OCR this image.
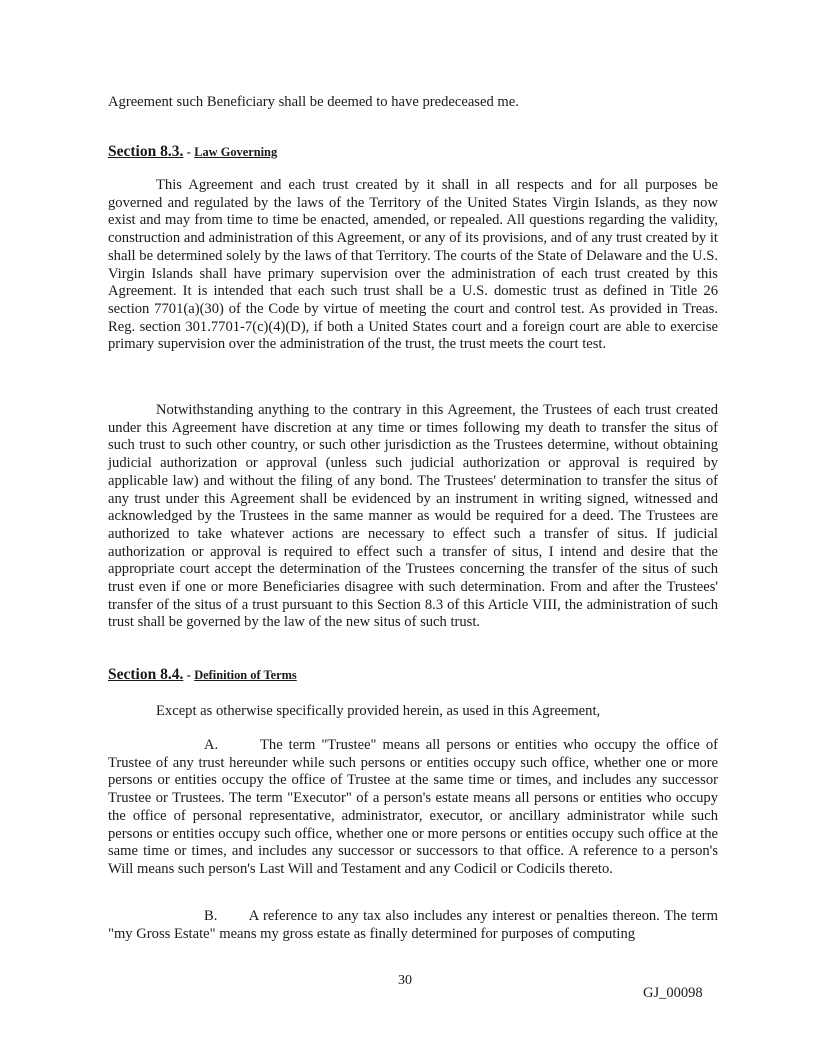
Agreement such Beneficiary shall be deemed to have predeceased me.
Section 8.3. - Law Governing

This Agreement and each trust created by it shall in all respects and for all purposes be governed and regulated by the laws of the Territory of the United States Virgin Islands, as they now exist and may from time to time be enacted, amended, or repealed. All questions regarding the validity, construction and administration of this Agreement, or any of its provisions, and of any trust created by it shall be determined solely by the laws of that Territory. The courts of the State of Delaware and the U.S. Virgin Islands shall have primary supervision over the administration of each trust created by this Agreement. It is intended that each such trust shall be a U.S. domestic trust as defined in Title 26 section 7701(a)(30) of the Code by virtue of meeting the court and control test. As provided in Treas. Reg. section 301.7701-7(c)(4)(D), if both a United States court and a foreign court are able to exercise primary supervision over the administration of the trust, the trust meets the court test.

Notwithstanding anything to the contrary in this Agreement, the Trustees of each trust created under this Agreement have discretion at any time or times following my death to transfer the situs of such trust to such other country, or such other jurisdiction as the Trustees determine, without obtaining judicial authorization or approval (unless such judicial authorization or approval is required by applicable law) and without the filing of any bond. The Trustees' determination to transfer the situs of any trust under this Agreement shall be evidenced by an instrument in writing signed, witnessed and acknowledged by the Trustees in the same manner as would be required for a deed. The Trustees are authorized to take whatever actions are necessary to effect such a transfer of situs. If judicial authorization or approval is required to effect such a transfer of situs, I intend and desire that the appropriate court accept the determination of the Trustees concerning the transfer of the situs of such trust even if one or more Beneficiaries disagree with such determination. From and after the Trustees' transfer of the situs of a trust pursuant to this Section 8.3 of this Article VIII, the administration of such trust shall be governed by the law of the new situs of such trust.

Section 8.4. - Definition of Terms
Except as otherwise specifically provided herein, as used in this Agreement,

A.       The term "Trustee" means all persons or entities who occupy the office of Trustee of any trust hereunder while such persons or entities occupy such office, whether one or more persons or entities occupy the office of Trustee at the same time or times, and includes any successor Trustee or Trustees. The term "Executor" of a person's estate means all persons or entities who occupy the office of personal representative, administrator, executor, or ancillary administrator while such persons or entities occupy such office, whether one or more persons or entities occupy such office at the same time or times, and includes any successor or successors to that office. A reference to a person's Will means such person's Last Will and Testament and any Codicil or Codicils thereto.

B.       A reference to any tax also includes any interest or penalties thereon. The term "my Gross Estate" means my gross estate as finally determined for purposes of computing

30
GJ_00098
